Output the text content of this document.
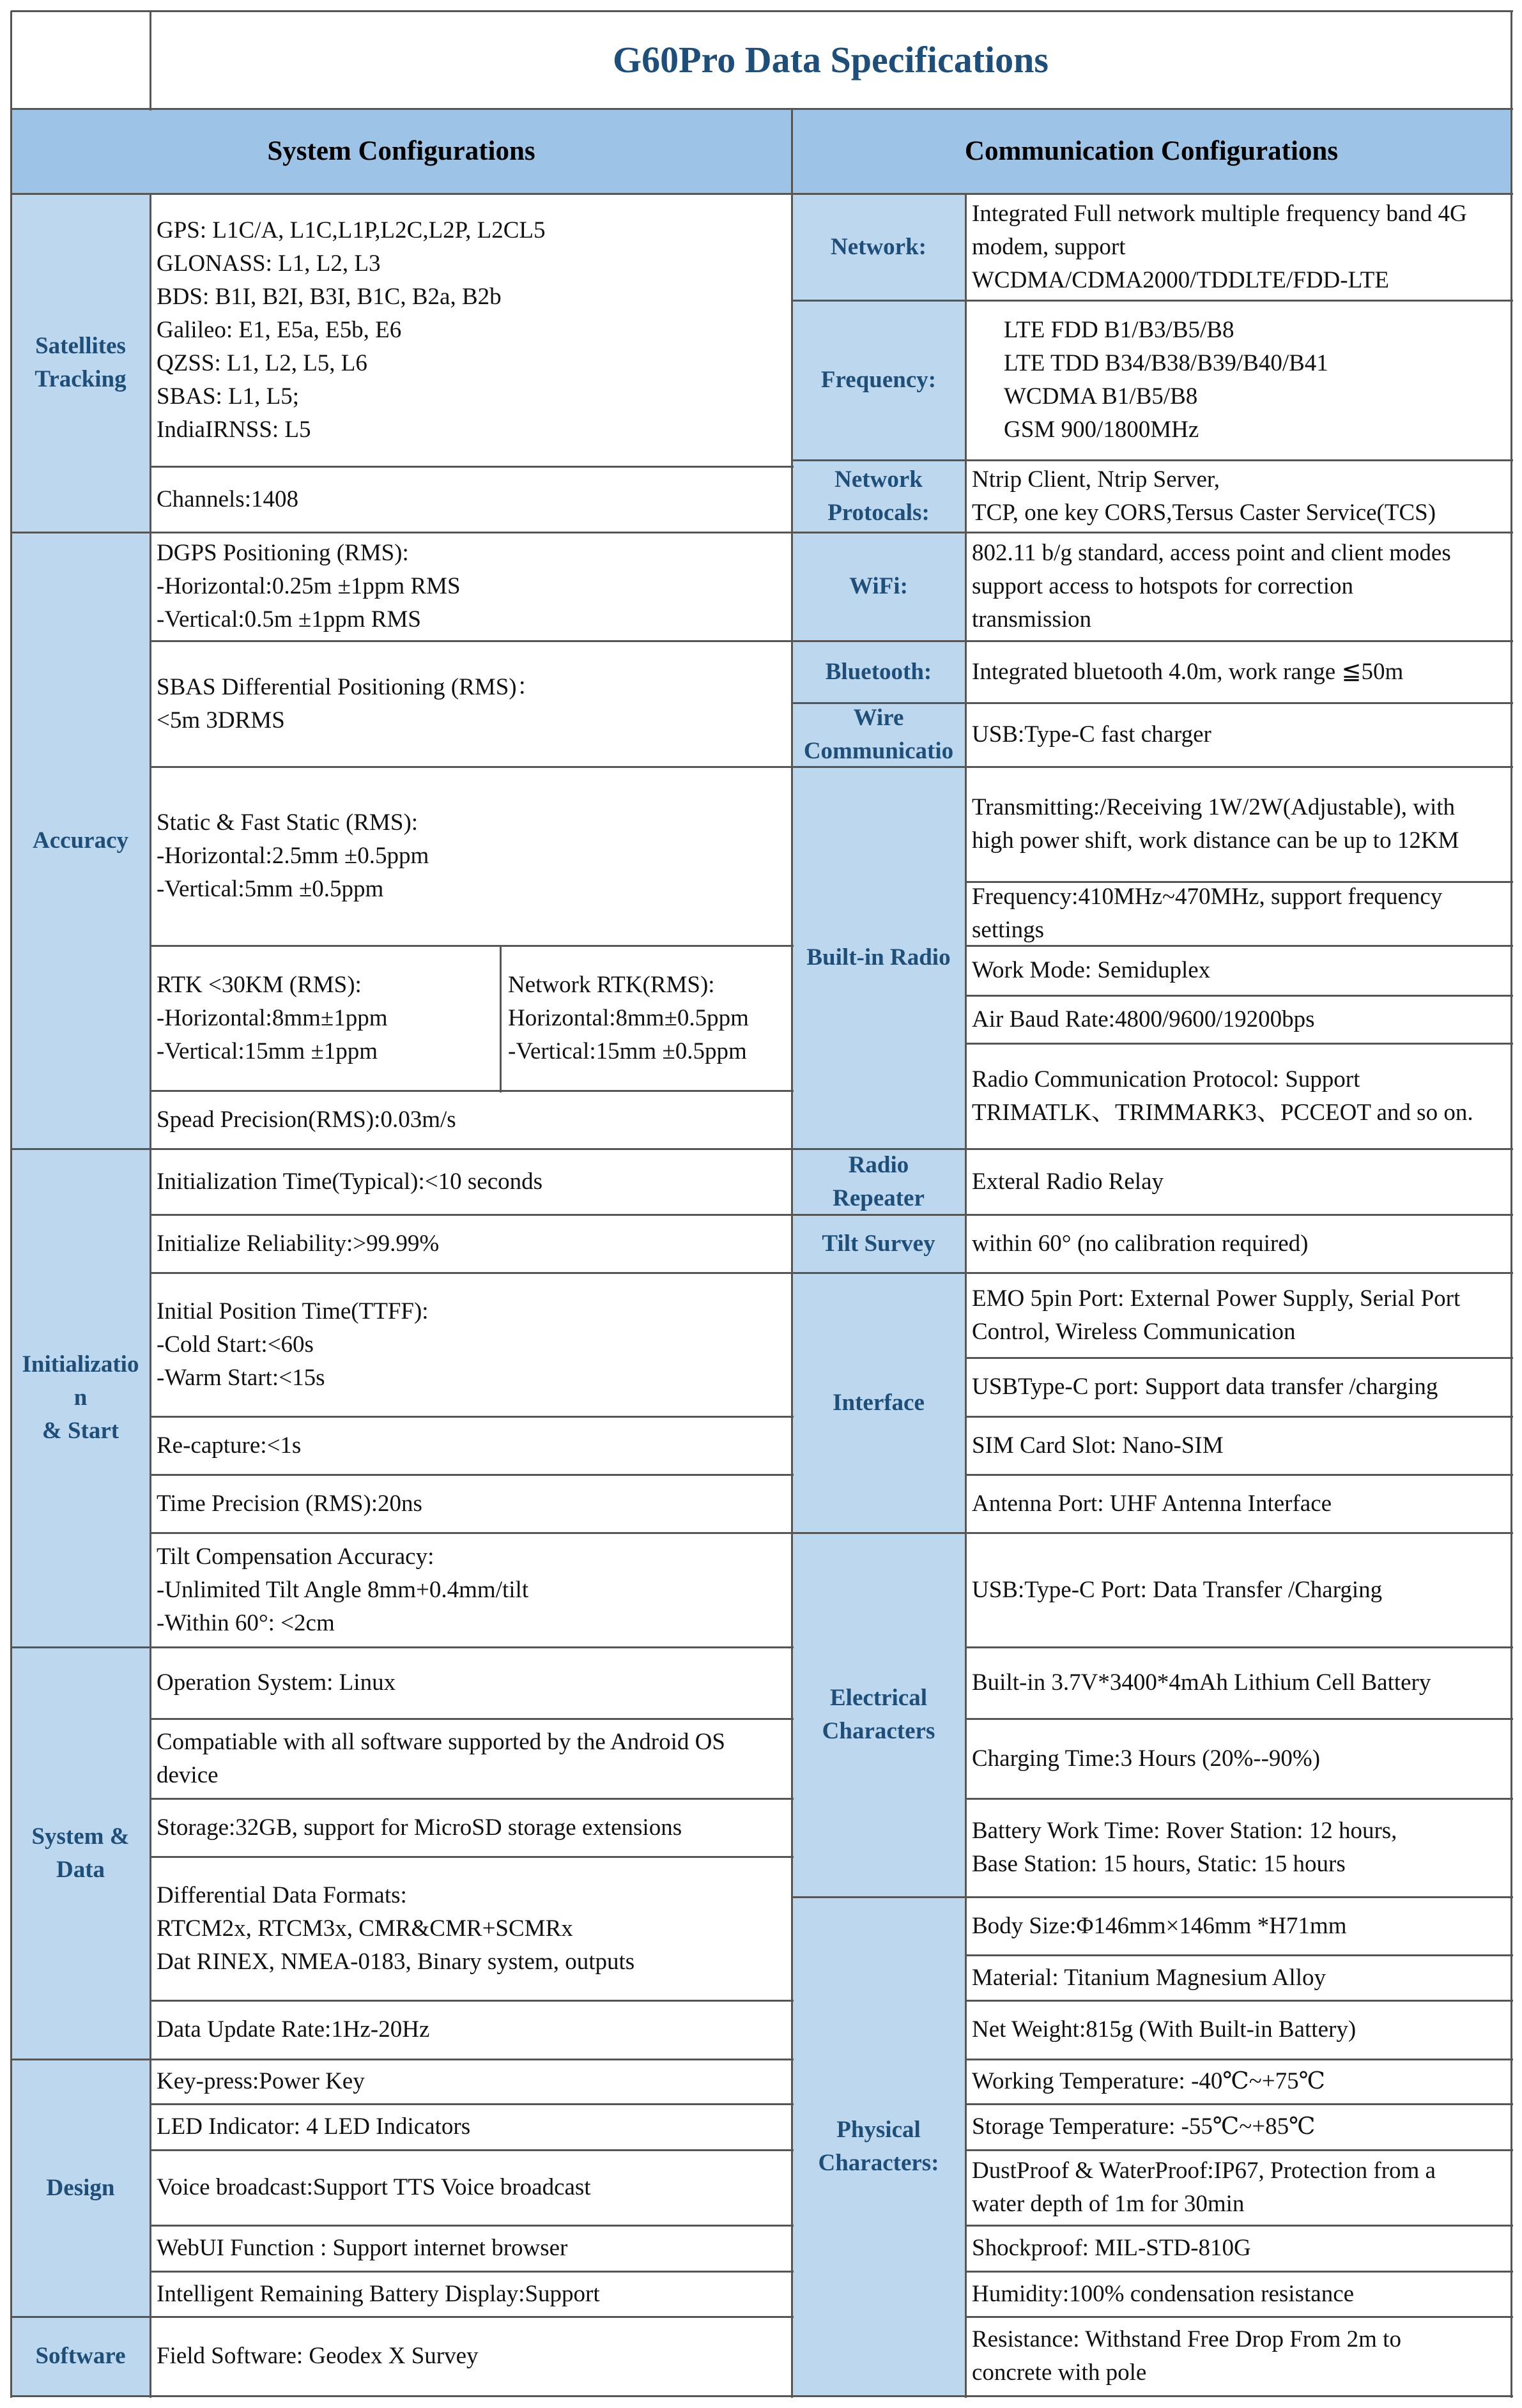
G60Pro Data Specifications
System Configurations	Communication Configurations
Satellites
Tracking
Accuracy
Initializatio
n
& Start
System &
Data
Design
Software
GPS: L1C/A, L1C,L1P,L2C,L2P, L2CL5
GLONASS: L1, L2, L3
BDS: B1I, B2I, B3I, B1C, B2a, B2b
Galileo: E1, E5a, E5b, E6
QZSS: L1, L2, L5, L6
SBAS: L1, L5;
IndiaIRNSS: L5
Channels:1408
DGPS Positioning (RMS):
-Horizontal:0.25m ±1ppm RMS
-Vertical:0.5m ±1ppm RMS
SBAS Differential Positioning (RMS)：
<5m 3DRMS
Static & Fast Static (RMS):
-Horizontal:2.5mm ±0.5ppm
-Vertical:5mm ±0.5ppm
RTK <30KM (RMS):
-Horizontal:8mm±1ppm
-Vertical:15mm ±1ppm
Network RTK(RMS):
Horizontal:8mm±0.5ppm
-Vertical:15mm ±0.5ppm
Spead Precision(RMS):0.03m/s
Initialization Time(Typical):<10 seconds
Initialize Reliability:>99.99%
Initial Position Time(TTFF):
-Cold Start:<60s
-Warm Start:<15s
Re-capture:<1s
Time Precision (RMS):20ns
Tilt Compensation Accuracy:
-Unlimited Tilt Angle 8mm+0.4mm/tilt
-Within 60°: <2cm
Operation System: Linux
Compatiable with all software supported by the Android OS
device
Storage:32GB, support for MicroSD storage extensions
Differential Data Formats:
RTCM2x, RTCM3x, CMR&CMR+SCMRx
Dat RINEX, NMEA-0183, Binary system, outputs
Data Update Rate:1Hz-20Hz
Key-press:Power Key
LED Indicator: 4 LED Indicators
Voice broadcast:Support TTS Voice broadcast
WebUI Function : Support internet browser
Intelligent Remaining Battery Display:Support
Field Software: Geodex X Survey
Network:
Frequency:
Network
Protocals:
WiFi:
Bluetooth:
Wire
Communicatio
Built-in Radio
Radio
Repeater
Tilt Survey
Interface
Electrical
Characters
Physical
Characters:
Integrated Full network multiple frequency band 4G
modem, support
WCDMA/CDMA2000/TDDLTE/FDD-LTE
LTE FDD B1/B3/B5/B8
LTE TDD B34/B38/B39/B40/B41
WCDMA B1/B5/B8
GSM 900/1800MHz
Ntrip Client, Ntrip Server,
TCP, one key CORS,Tersus Caster Service(TCS)
802.11 b/g standard, access point and client modes
support access to hotspots for correction
transmission
Integrated bluetooth 4.0m, work range ≦50m
USB:Type-C fast charger
Transmitting:/Receiving 1W/2W(Adjustable), with
high power shift, work distance can be up to 12KM
Frequency:410MHz~470MHz, support frequency
settings
Work Mode: Semiduplex
Air Baud Rate:4800/9600/19200bps
Radio Communication Protocol: Support
TRIMATLK、TRIMMARK3、PCCEOT and so on.
Exteral Radio Relay
within 60° (no calibration required)
EMO 5pin Port: External Power Supply, Serial Port
Control, Wireless Communication
USBType-C port: Support data transfer /charging
SIM Card Slot: Nano-SIM
Antenna Port: UHF Antenna Interface
USB:Type-C Port: Data Transfer /Charging
Built-in 3.7V*3400*4mAh Lithium Cell Battery
Charging Time:3 Hours (20%--90%)
Battery Work Time: Rover Station: 12 hours,
Base Station: 15 hours, Static: 15 hours
Body Size:Φ146mm×146mm *H71mm
Material: Titanium Magnesium Alloy
Net Weight:815g (With Built-in Battery)
Working Temperature: -40℃~+75℃
Storage Temperature: -55℃~+85℃
DustProof & WaterProof:IP67, Protection from a
water depth of 1m for 30min
Shockproof: MIL-STD-810G
Humidity:100% condensation resistance
Resistance: Withstand Free Drop From 2m to
concrete with pole
